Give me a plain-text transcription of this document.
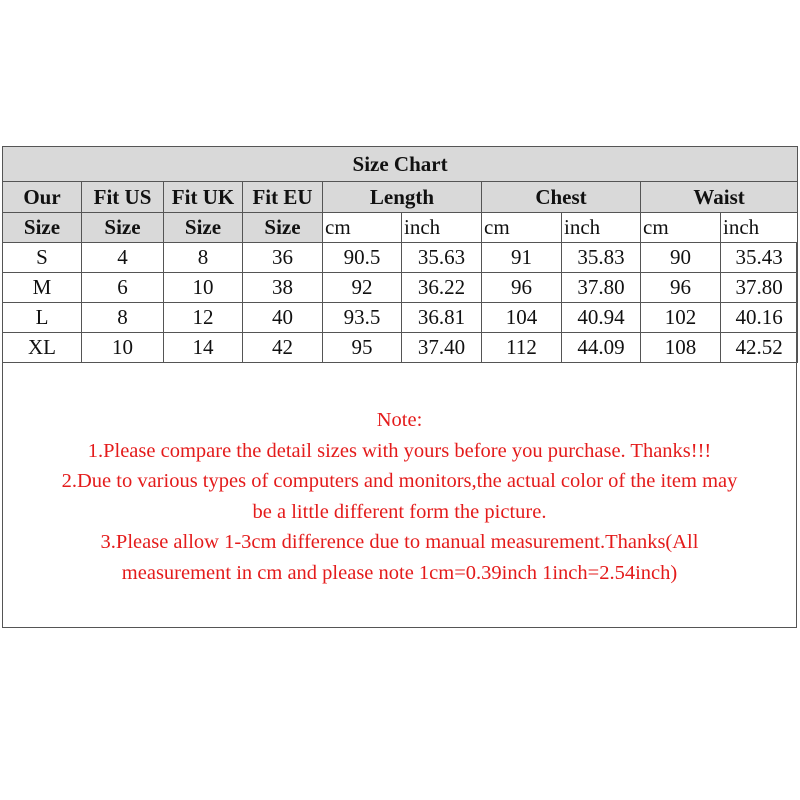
Size Chart									
Our	Fit US	Fit UK	Fit EU	Length		Chest		Waist	
Size	Size	Size	Size	cm	inch	cm	inch	cm	inch
S	4	8	36	90.5	35.63	91	35.83	90	35.43
M	6	10	38	92	36.22	96	37.80	96	37.80
L	8	12	40	93.5	36.81	104	40.94	102	40.16
XL	10	14	42	95	37.40	112	44.09	108	42.52
Note:
1.Please compare the detail sizes with yours before you purchase. Thanks!!!
2.Due to various types of computers and monitors,the actual color of the item may
be a little different form the picture.
3.Please allow 1-3cm difference due to manual measurement.Thanks(All
measurement in cm and please note 1cm=0.39inch 1inch=2.54inch)
